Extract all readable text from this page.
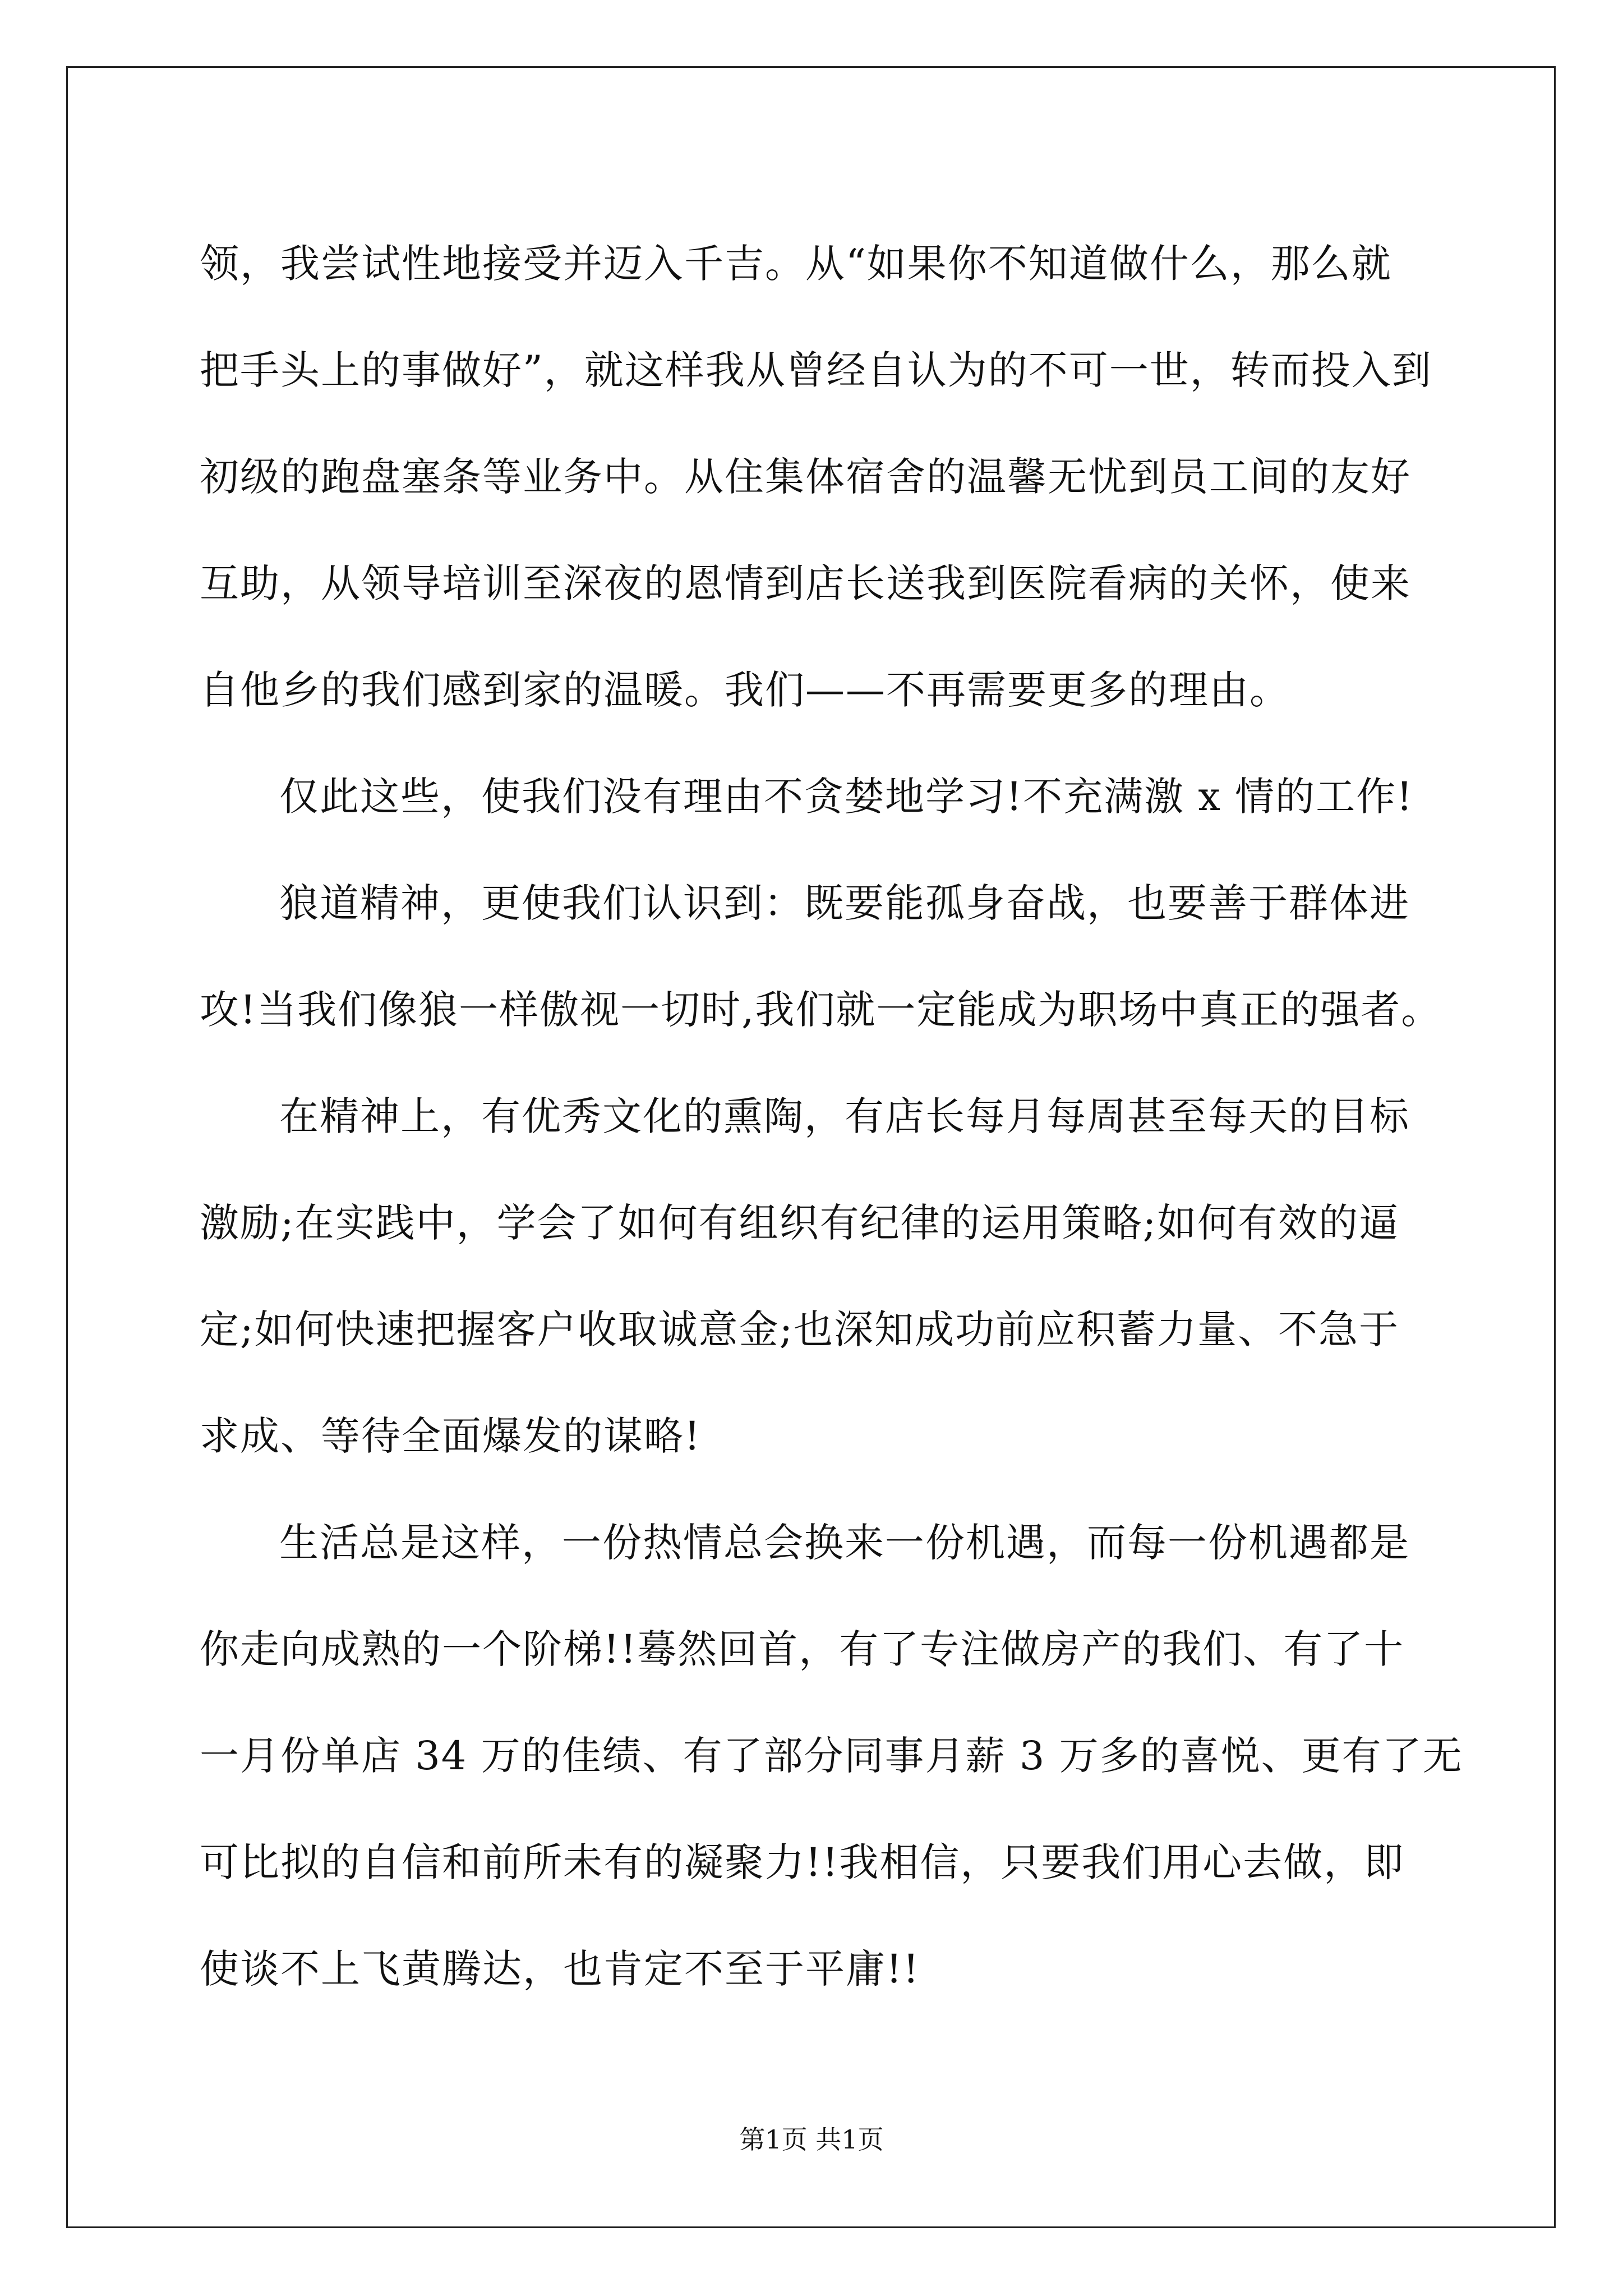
领，我尝试性地接受并迈入千吉。从“如果你不知道做什么，那么就
把手头上的事做好”，就这样我从曾经自认为的不可一世，转而投入到
初级的跑盘塞条等业务中。从住集体宿舍的温馨无忧到员工间的友好
互助，从领导培训至深夜的恩情到店长送我到医院看病的关怀，使来
自他乡的我们感到家的温暖。我们——不再需要更多的理由。
仅此这些，使我们没有理由不贪婪地学习!不充满激 x 情的工作!
狼道精神，更使我们认识到：既要能孤身奋战，也要善于群体进
攻!当我们像狼一样傲视一切时,我们就一定能成为职场中真正的强者。
在精神上，有优秀文化的熏陶，有店长每月每周甚至每天的目标
激励;在实践中，学会了如何有组织有纪律的运用策略;如何有效的逼
定;如何快速把握客户收取诚意金;也深知成功前应积蓄力量、不急于
求成、等待全面爆发的谋略!
生活总是这样，一份热情总会换来一份机遇，而每一份机遇都是
你走向成熟的一个阶梯!!蓦然回首，有了专注做房产的我们、有了十
一月份单店 34 万的佳绩、有了部分同事月薪 3 万多的喜悦、更有了无
可比拟的自信和前所未有的凝聚力!!我相信，只要我们用心去做，即
使谈不上飞黄腾达，也肯定不至于平庸!!
第1页 共1页
